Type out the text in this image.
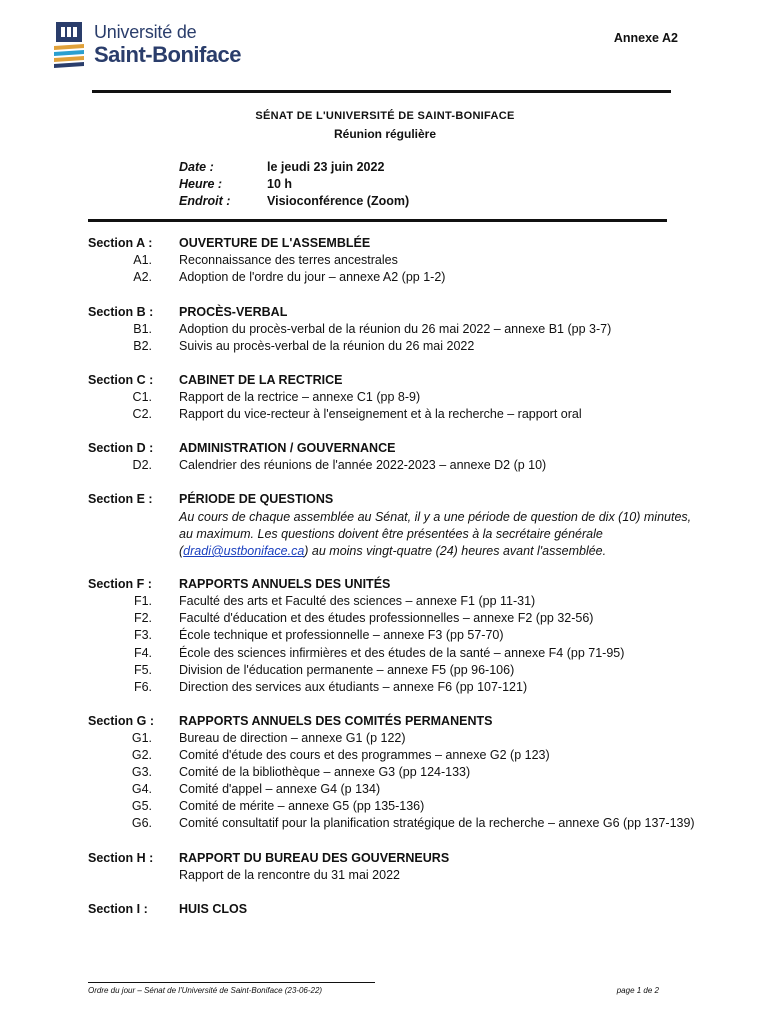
Université de
Saint-Boniface
Annexe A2
SÉNAT DE L'UNIVERSITÉ DE SAINT-BONIFACE
Réunion régulière
Date :	le jeudi 23 juin 2022
Heure :	10 h
Endroit :	Visioconférence (Zoom)
Section A : OUVERTURE DE L'ASSEMBLÉE
A1. Reconnaissance des terres ancestrales
A2. Adoption de l'ordre du jour – annexe A2 (pp 1-2)
Section B : PROCÈS-VERBAL
B1. Adoption du procès-verbal de la réunion du 26 mai 2022 – annexe B1 (pp 3-7)
B2. Suivis au procès-verbal de la réunion du 26 mai 2022
Section C : CABINET DE LA RECTRICE
C1. Rapport de la rectrice – annexe C1 (pp 8-9)
C2. Rapport du vice-recteur à l'enseignement et à la recherche – rapport oral
Section D : ADMINISTRATION / GOUVERNANCE
D2. Calendrier des réunions de l'année 2022-2023 – annexe D2 (p 10)
Section E : PÉRIODE DE QUESTIONS
Au cours de chaque assemblée au Sénat, il y a une période de question de dix (10) minutes, au maximum. Les questions doivent être présentées à la secrétaire générale (dradi@ustboniface.ca) au moins vingt-quatre (24) heures avant l'assemblée.
Section F : RAPPORTS ANNUELS DES UNITÉS
F1. Faculté des arts et Faculté des sciences – annexe F1 (pp 11-31)
F2. Faculté d'éducation et des études professionnelles – annexe F2 (pp 32-56)
F3. École technique et professionnelle – annexe F3 (pp 57-70)
F4. École des sciences infirmières et des études de la santé – annexe F4 (pp 71-95)
F5. Division de l'éducation permanente – annexe F5 (pp 96-106)
F6. Direction des services aux étudiants – annexe F6 (pp 107-121)
Section G : RAPPORTS ANNUELS DES COMITÉS PERMANENTS
G1. Bureau de direction – annexe G1 (p 122)
G2. Comité d'étude des cours et des programmes – annexe G2 (p 123)
G3. Comité de la bibliothèque – annexe G3 (pp 124-133)
G4. Comité d'appel – annexe G4 (p 134)
G5. Comité de mérite – annexe G5 (pp 135-136)
G6. Comité consultatif pour la planification stratégique de la recherche – annexe G6 (pp 137-139)
Section H : RAPPORT DU BUREAU DES GOUVERNEURS
Rapport de la rencontre du 31 mai 2022
Section I :	HUIS CLOS
Ordre du jour – Sénat de l'Université de Saint-Boniface (23-06-22)	page 1 de 2
